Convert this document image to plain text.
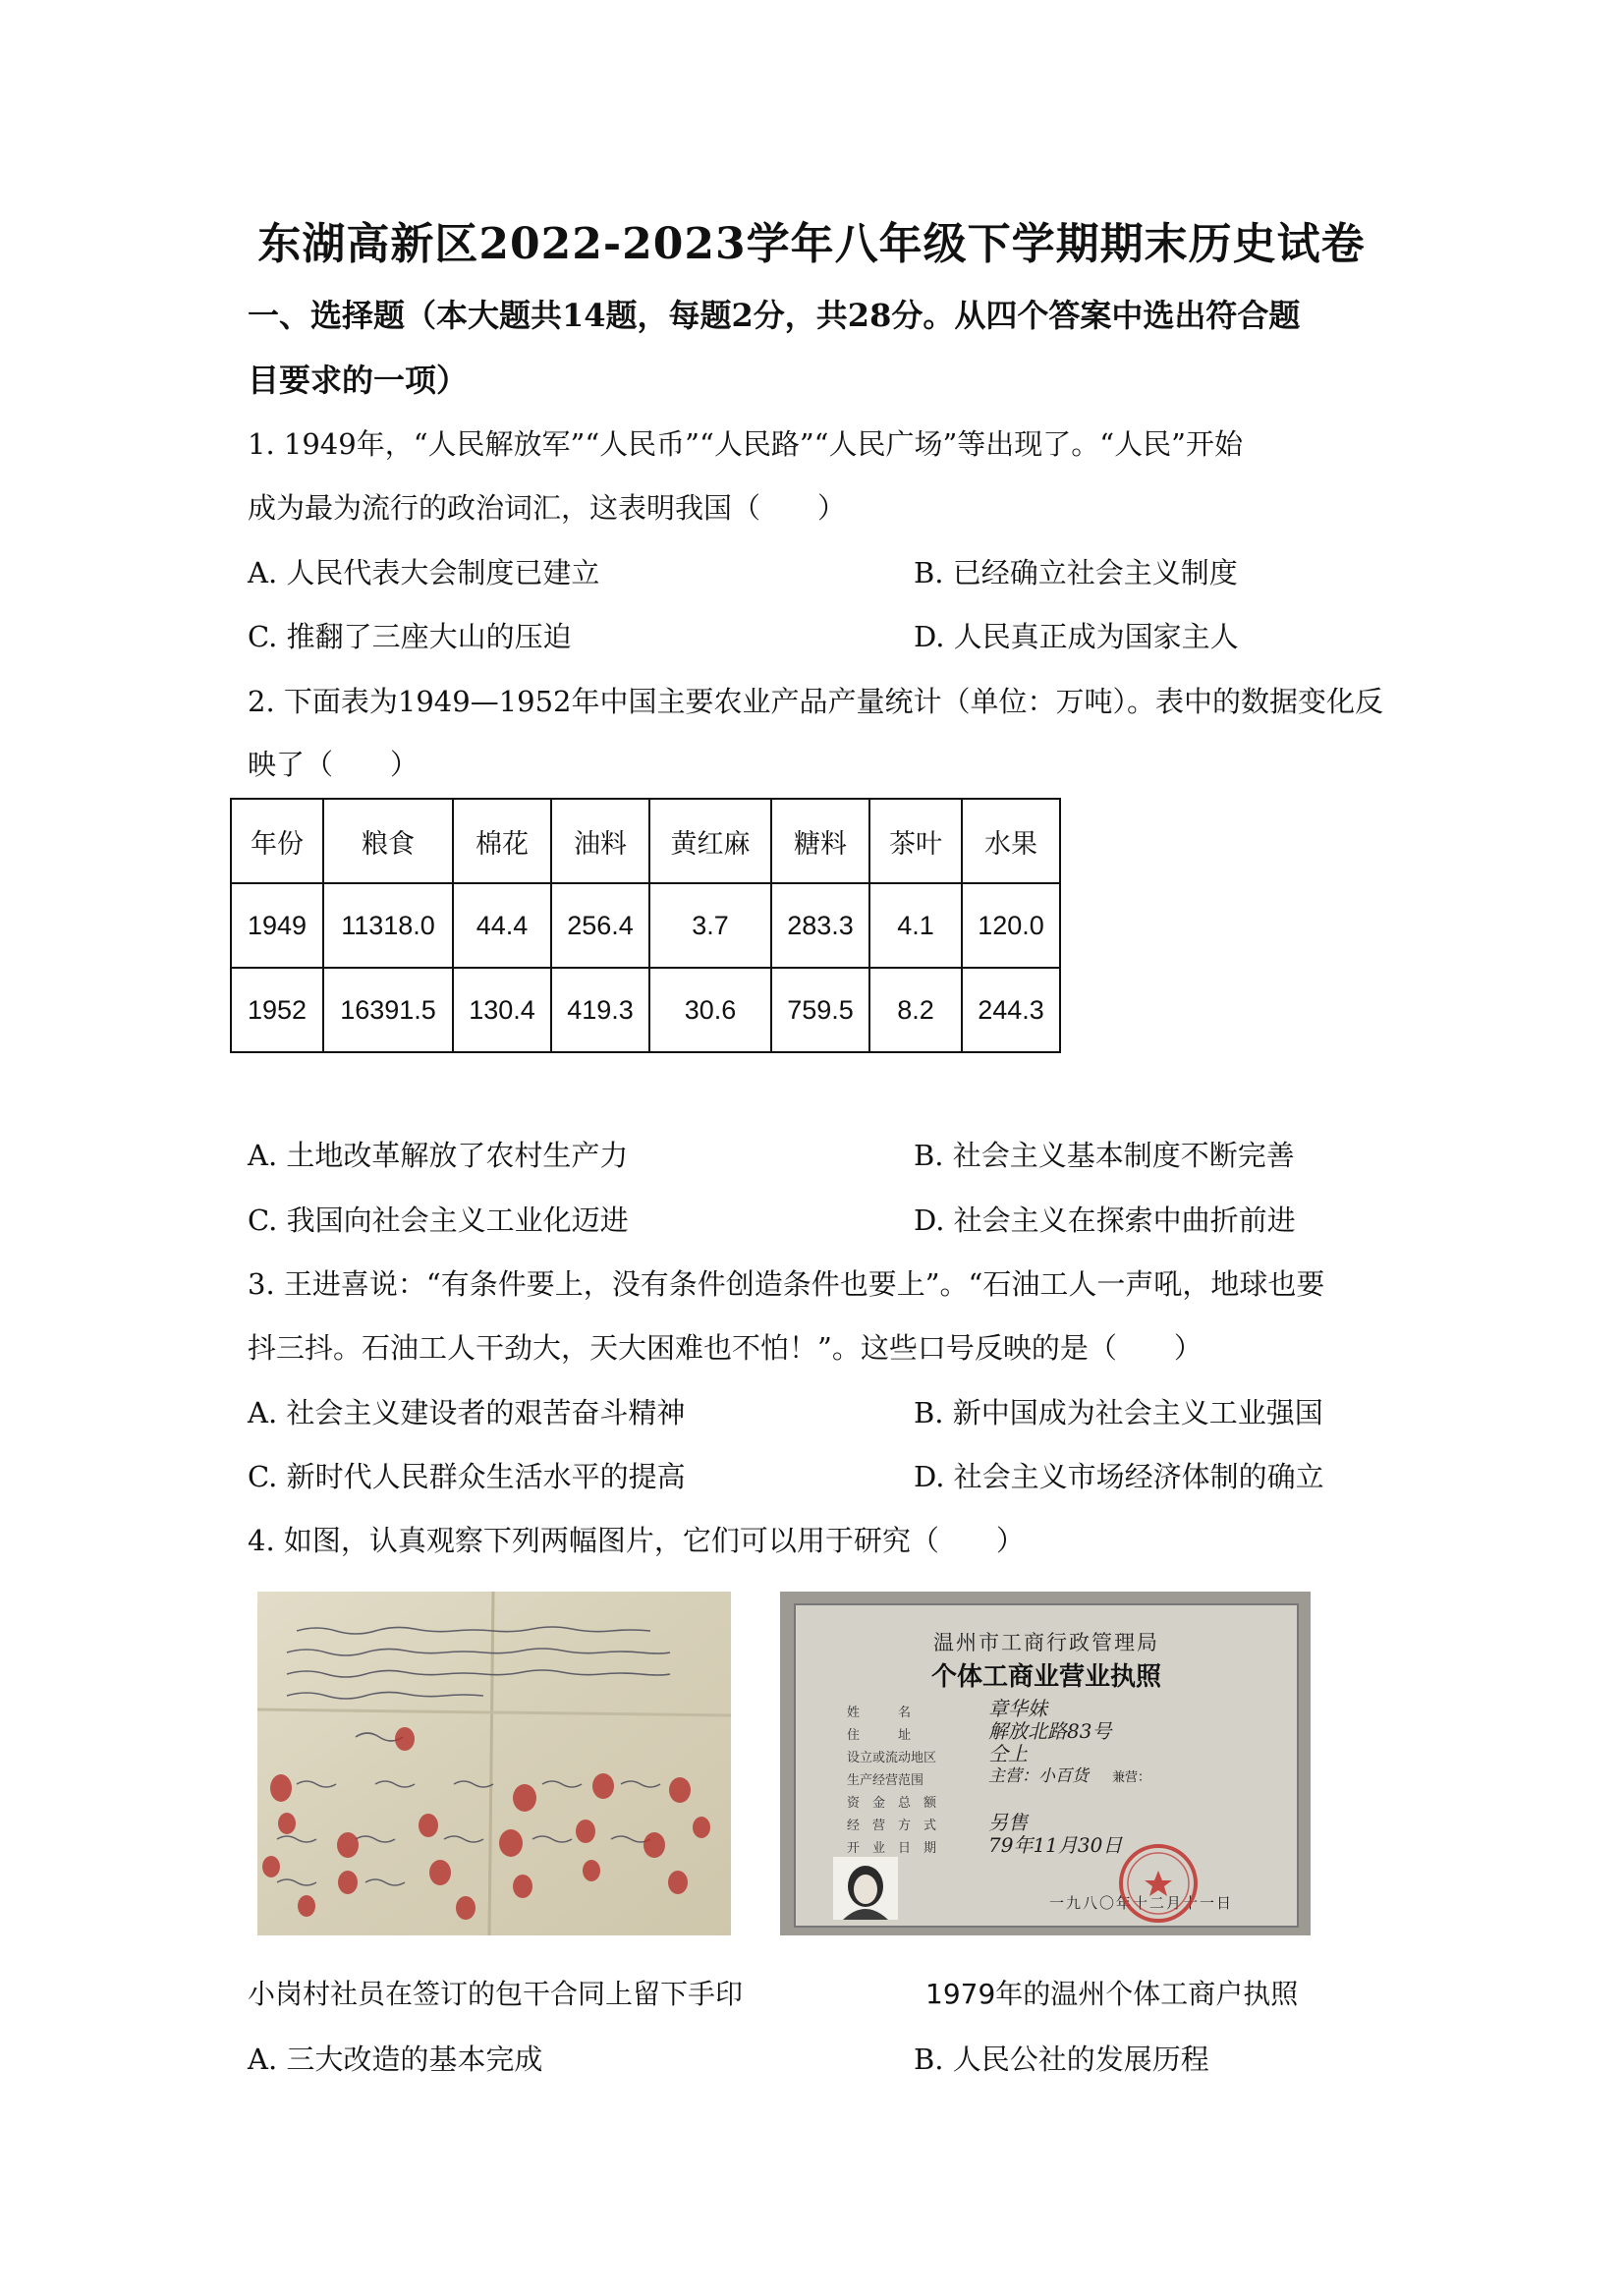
东湖高新区2022-2023学年八年级下学期期末历史试卷
一、选择题（本大题共14题，每题2分，共28分。从四个答案中选出符合题
目要求的一项）
1. 1949年，“人民解放军”“人民币”“人民路”“人民广场”等出现了。“人民”开始
成为最为流行的政治词汇，这表明我国（　　）
A. 人民代表大会制度已建立	B. 已经确立社会主义制度
C. 推翻了三座大山的压迫	D. 人民真正成为国家主人
2. 下面表为1949—1952年中国主要农业产品产量统计（单位：万吨）。表中的数据变化反
映了（　　）
年份	粮食	棉花	油料	黄红麻	糖料	茶叶	水果
1949	11318.0	44.4	256.4	3.7	283.3	4.1	120.0
1952	16391.5	130.4	419.3	30.6	759.5	8.2	244.3
A. 土地改革解放了农村生产力	B. 社会主义基本制度不断完善
C. 我国向社会主义工业化迈进	D. 社会主义在探索中曲折前进
3. 王进喜说：“有条件要上，没有条件创造条件也要上”。“石油工人一声吼，地球也要
抖三抖。石油工人干劲大，天大困难也不怕！”。这些口号反映的是（　　）
A. 社会主义建设者的艰苦奋斗精神	B. 新中国成为社会主义工业强国
C. 新时代人民群众生活水平的提高	D. 社会主义市场经济体制的确立
4. 如图，认真观察下列两幅图片，它们可以用于研究（　　）
温州市工商行政管理局
个体工商业营业执照
姓　　　名
住　　　址
设立或流动地区
生产经营范围
资　金　总　额
经　营　方　式
开　业　日　期
章华妹
解放北路83号
仝上
主营：小百货 兼营：

另售
79年11月30日
一九八〇年十二月十一日
小岗村社员在签订的包干合同上留下手印	1979年的温州个体工商户执照
A. 三大改造的基本完成	B. 人民公社的发展历程
